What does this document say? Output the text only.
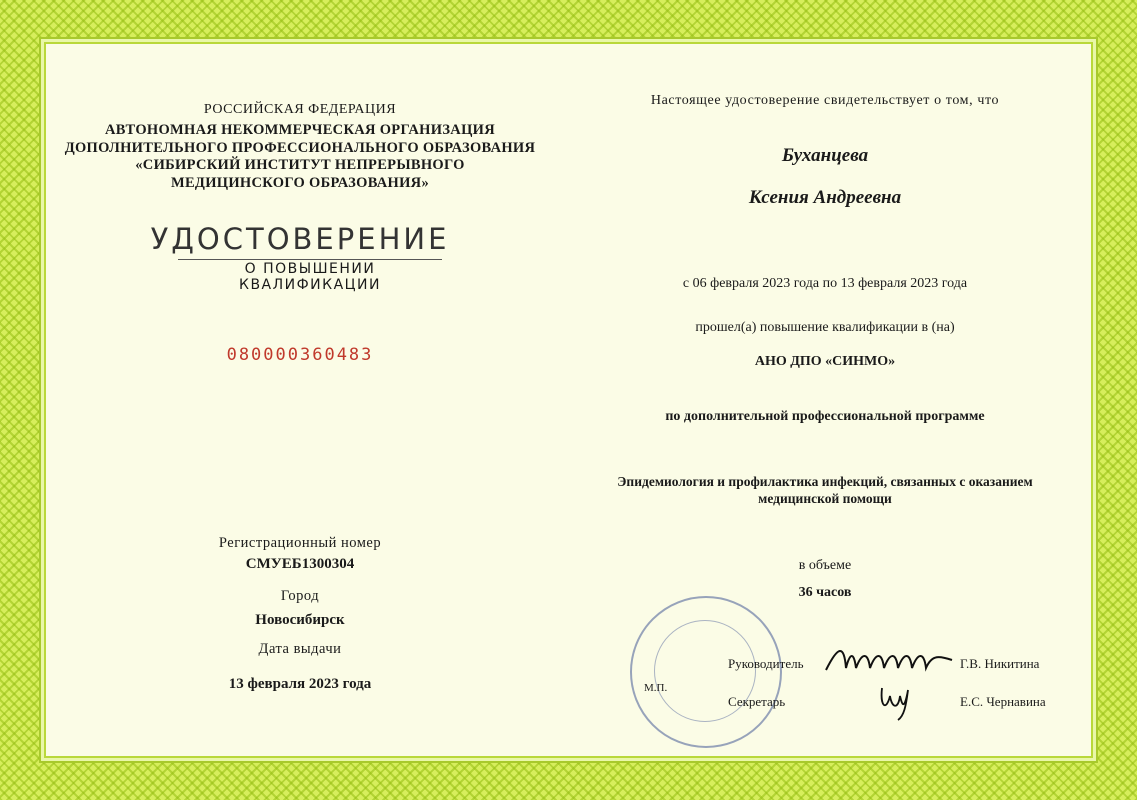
РОССИЙСКАЯ ФЕДЕРАЦИЯ
АВТОНОМНАЯ НЕКОММЕРЧЕСКАЯ ОРГАНИЗАЦИЯ
ДОПОЛНИТЕЛЬНОГО ПРОФЕССИОНАЛЬНОГО ОБРАЗОВАНИЯ
«СИБИРСКИЙ ИНСТИТУТ НЕПРЕРЫВНОГО
МЕДИЦИНСКОГО ОБРАЗОВАНИЯ»
УДОСТОВЕРЕНИЕ
О ПОВЫШЕНИИ КВАЛИФИКАЦИИ
080000360483
Регистрационный номер
СМУЕБ1300304
Город
Новосибирск
Дата выдачи
13 февраля 2023 года
Настоящее удостоверение свидетельствует о том, что
Буханцева
Ксения Андреевна
с 06 февраля 2023 года по 13 февраля 2023 года
прошел(а) повышение квалификации в (на)
АНО ДПО «СИНМО»
по дополнительной профессиональной программе
Эпидемиология и профилактика инфекций, связанных с оказанием
медицинской помощи
в объеме
36 часов
М.П.
Руководитель	Г.В. Никитина
Секретарь	Е.С. Чернавина
